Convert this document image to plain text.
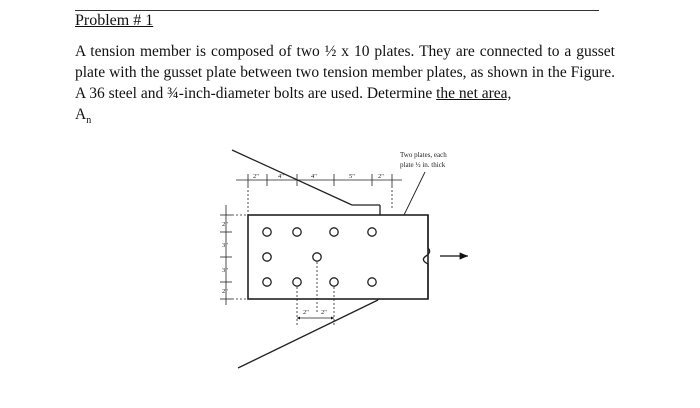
Problem # 1

A tension member is composed of two ½ x 10 plates. They are connected to a gusset plate with the gusset plate between two tension member plates, as shown in the Figure. A 36 steel and ¾-inch-diameter bolts are used. Determine the net area,
$A_n$

2"	4"	4"	5"	2"
2"
3"
3"
2"
2" 2"
Two plates, each
plate ½ in. thick
